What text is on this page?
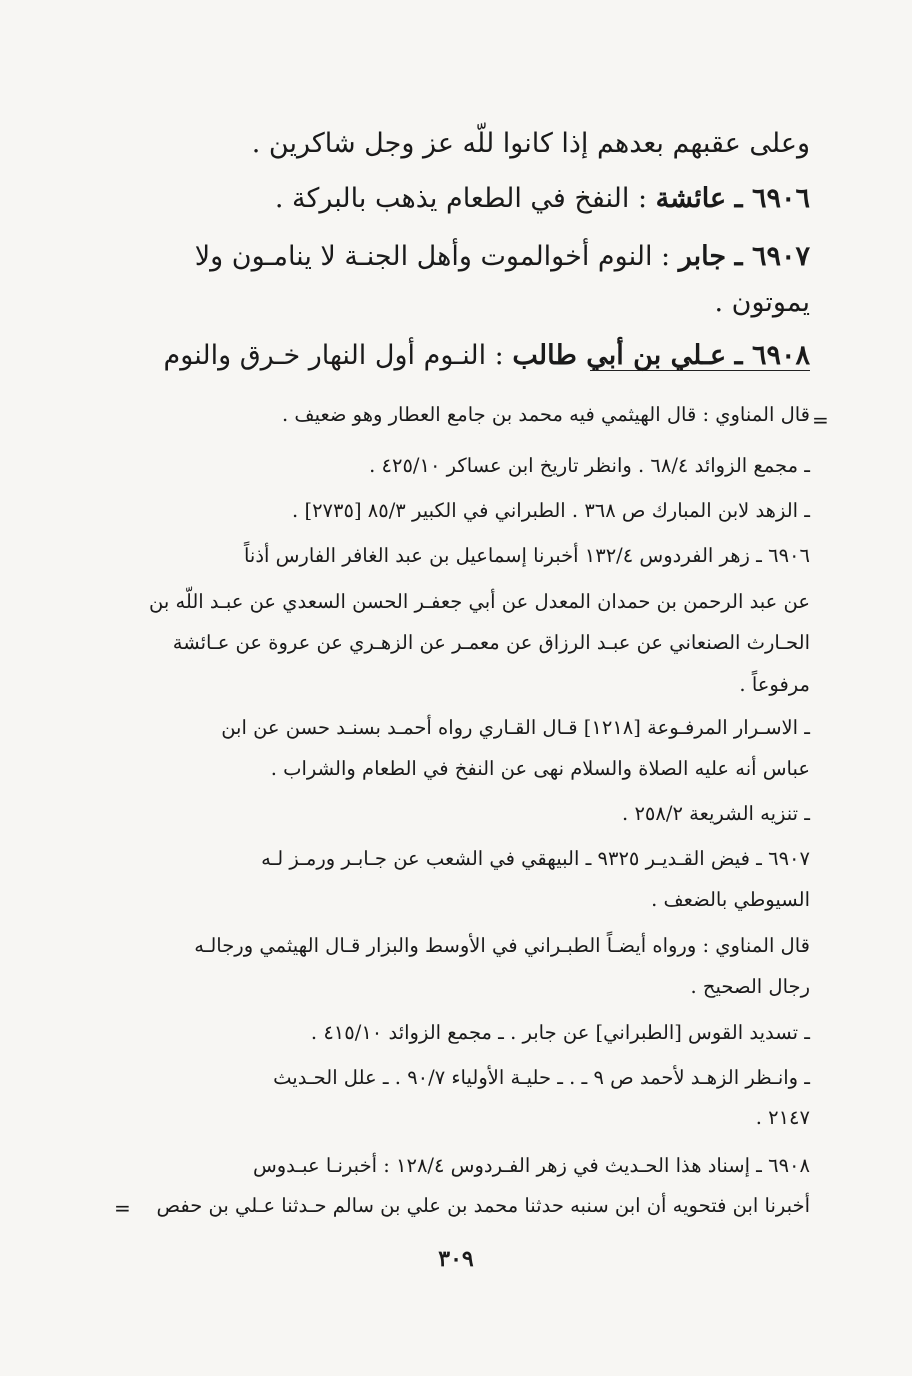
وعلى عقبهم بعدهم إذا كانوا للّه عز وجل شاكرين .
٦٩٠٦ ـ عائشة : النفخ في الطعام يذهب بالبركة .
٦٩٠٧ ـ جابر : النوم أخوالموت وأهل الجنـة لا ينامـون ولا
يموتون .
٦٩٠٨ ـ عـلي بن أبي طالب : النـوم أول النهار خـرق والنوم
=
قال المناوي : قال الهيثمي فيه محمد بن جامع العطار وهو ضعيف .
ـ مجمع الزوائد ٦٨/٤ . وانظر تاريخ ابن عساكر ٤٢٥/١٠ .
ـ الزهد لابن المبارك ص ٣٦٨ . الطبراني في الكبير ٨٥/٣ [٢٧٣٥] .
٦٩٠٦ ـ زهر الفردوس ١٣٢/٤ أخبرنا إسماعيل بن عبد الغافر الفارس أذناً
عن عبد الرحمن بن حمدان المعدل عن أبي جعفـر الحسن السعدي عن عبـد اللّه بن
الحـارث الصنعاني عن عبـد الرزاق عن معمـر عن الزهـري عن عروة عن عـائشة
مرفوعاً .
ـ الاسـرار المرفـوعة [١٢١٨] قـال القـاري رواه أحمـد بسنـد حسن عن ابن
عباس أنه عليه الصلاة والسلام نهى عن النفخ في الطعام والشراب .
ـ تنزيه الشريعة ٢٥٨/٢ .
٦٩٠٧ ـ فيض القـديـر ٩٣٢٥ ـ البيهقي في الشعب عن جـابـر ورمـز لـه
السيوطي بالضعف .
قال المناوي : ورواه أيضـاً الطبـراني في الأوسط والبزار قـال الهيثمي ورجالـه
رجال الصحيح .
ـ تسديد القوس [الطبراني] عن جابر . ـ مجمع الزوائد ٤١٥/١٠ .
ـ وانـظر الزهـد لأحمد ص ٩ ـ . ـ حليـة الأولياء ٩٠/٧ . ـ علل الحـديث
٢١٤٧ .
٦٩٠٨ ـ إسناد هذا الحـديث في زهر الفـردوس ١٢٨/٤ : أخبرنـا عبـدوس
أخبرنا ابن فتحويه أن ابن سنبه حدثنا محمد بن علي بن سالم حـدثنا عـلي بن حفص
=
٣٠٩
